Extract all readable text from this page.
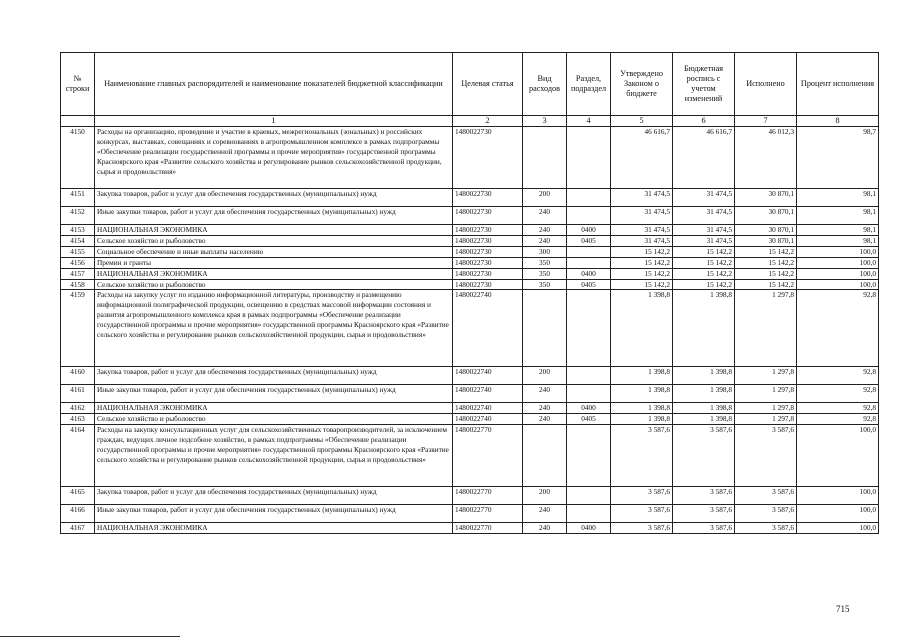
№ строки	Наименование главных распорядителей и наименование показателей бюджетной классификации	Целевая статья	Вид расходов	Раздел, подраздел	Утверждено Законом о бюджете	Бюджетная роспись с учетом изменений	Исполнено	Процент исполнения
	1	2	3	4	5	6	7	8
4150	Расходы на организацию, проведение и участие в краевых, межрегиональных (зональных) и российских конкурсах, выставках, совещаниях и соревнованиях в агропромышленном комплексе в рамках подпрограммы «Обеспечение реализации государственной программы и прочие мероприятия» государственной программы Красноярского края «Развитие сельского хозяйства и регулирование рынков сельскохозяйственной продукции, сырья и продовольствия»	1480022730			46 616,7	46 616,7	46 012,3	98,7
4151	Закупка товаров, работ и услуг для обеспечения государственных (муниципальных) нужд	1480022730	200		31 474,5	31 474,5	30 870,1	98,1
4152	Иные закупки товаров, работ и услуг для обеспечения государственных (муниципальных) нужд	1480022730	240		31 474,5	31 474,5	30 870,1	98,1
4153	НАЦИОНАЛЬНАЯ ЭКОНОМИКА	1480022730	240	0400	31 474,5	31 474,5	30 870,1	98,1
4154	Сельское хозяйство и рыболовство	1480022730	240	0405	31 474,5	31 474,5	30 870,1	98,1
4155	Социальное обеспечение и иные выплаты населению	1480022730	300		15 142,2	15 142,2	15 142,2	100,0
4156	Премии и гранты	1480022730	350		15 142,2	15 142,2	15 142,2	100,0
4157	НАЦИОНАЛЬНАЯ ЭКОНОМИКА	1480022730	350	0400	15 142,2	15 142,2	15 142,2	100,0
4158	Сельское хозяйство и рыболовство	1480022730	350	0405	15 142,2	15 142,2	15 142,2	100,0
4159	Расходы на закупку услуг по изданию информационной литературы, производству и размещению информационной полиграфической продукции, освещению в средствах массовой информации состояния и развития агропромышленного комплекса края в рамках подпрограммы «Обеспечение реализации государственной программы и прочие мероприятия» государственной программы Красноярского края «Развитие сельского хозяйства и регулирование рынков сельскохозяйственной продукции, сырья и продовольствия»	1480022740			1 398,8	1 398,8	1 297,8	92,8
4160	Закупка товаров, работ и услуг для обеспечения государственных (муниципальных) нужд	1480022740	200		1 398,8	1 398,8	1 297,8	92,8
4161	Иные закупки товаров, работ и услуг для обеспечения государственных (муниципальных) нужд	1480022740	240		1 398,8	1 398,8	1 297,8	92,8
4162	НАЦИОНАЛЬНАЯ ЭКОНОМИКА	1480022740	240	0400	1 398,8	1 398,8	1 297,8	92,8
4163	Сельское хозяйство и рыболовство	1480022740	240	0405	1 398,8	1 398,8	1 297,8	92,8
4164	Расходы на закупку консультационных услуг для сельскохозяйственных товаропроизводителей, за исключением граждан, ведущих личное подсобное хозяйство, в рамках подпрограммы «Обеспечение реализации государственной программы и прочие мероприятия» государственной программы Красноярского края «Развитие сельского хозяйства и регулирование рынков сельскохозяйственной продукции, сырья и продовольствия»	1480022770			3 587,6	3 587,6	3 587,6	100,0
4165	Закупка товаров, работ и услуг для обеспечения государственных (муниципальных) нужд	1480022770	200		3 587,6	3 587,6	3 587,6	100,0
4166	Иные закупки товаров, работ и услуг для обеспечения государственных (муниципальных) нужд	1480022770	240		3 587,6	3 587,6	3 587,6	100,0
4167	НАЦИОНАЛЬНАЯ ЭКОНОМИКА	1480022770	240	0400	3 587,6	3 587,6	3 587,6	100,0
715
